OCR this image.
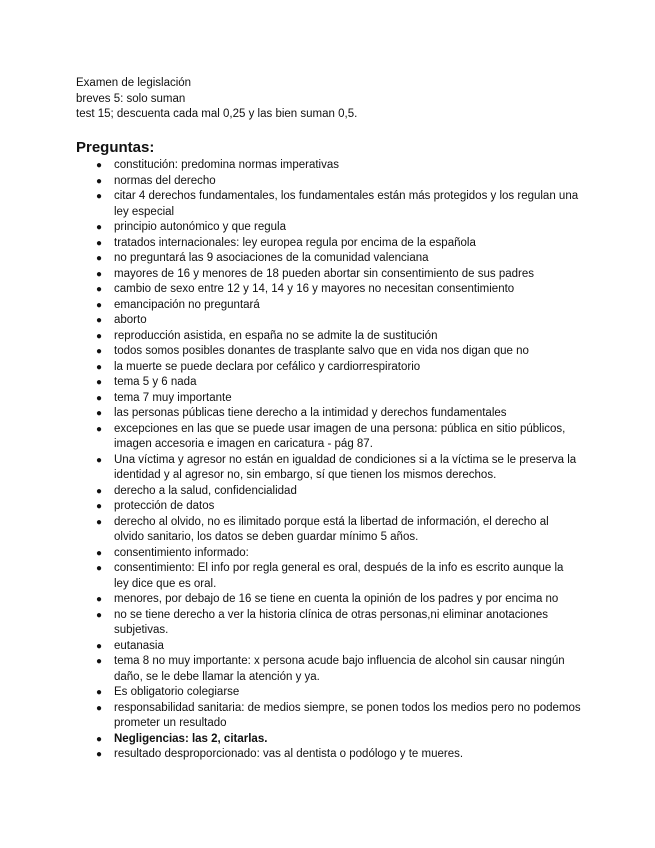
Examen de legislación
breves 5: solo suman
test 15; descuenta cada mal 0,25 y las bien suman 0,5.
Preguntas:
●	constitución: predomina normas imperativas
●	normas del derecho
●	citar 4 derechos fundamentales, los fundamentales están más protegidos y los regulan una ley especial
●	principio autonómico y que regula
●	tratados internacionales: ley europea regula por encima de la española
●	no preguntará las 9 asociaciones de la comunidad valenciana
●	mayores de 16 y menores de 18 pueden abortar sin consentimiento de sus padres
●	cambio de sexo entre 12 y 14, 14 y 16 y mayores no necesitan consentimiento
●	emancipación no preguntará
●	aborto
●	reproducción asistida, en españa no se admite la de sustitución
●	todos somos posibles donantes de trasplante salvo que en vida nos digan que no
●	la muerte se puede declara por cefálico y cardiorrespiratorio
●	tema 5 y 6 nada
●	tema 7 muy importante
●	las personas públicas tiene derecho a la intimidad y derechos fundamentales
●	excepciones en las que se puede usar imagen de una persona: pública en sitio públicos, imagen accesoria e imagen en caricatura - pág 87.
●	Una víctima y agresor no están en igualdad de condiciones si a la víctima se le preserva la identidad y al agresor no, sin embargo, sí que tienen los mismos derechos.
●	derecho a la salud, confidencialidad
●	protección de datos
●	derecho al olvido, no es ilimitado porque está la libertad de información, el derecho al olvido sanitario, los datos se deben guardar mínimo 5 años.
●	consentimiento informado:
●	consentimiento: El info por regla general es oral, después de la info es escrito aunque la ley dice que es oral.
●	menores, por debajo de 16 se tiene en cuenta la opinión de los padres y por encima no
●	no se tiene derecho a ver la historia clínica de otras personas,ni eliminar anotaciones subjetivas.
●	eutanasia
●	tema 8 no muy importante: x persona acude bajo influencia de alcohol sin causar ningún daño, se le debe llamar la atención y ya.
●	Es obligatorio colegiarse
●	responsabilidad sanitaria: de medios siempre, se ponen todos los medios pero no podemos prometer un resultado
●	Negligencias: las 2, citarlas.
●	resultado desproporcionado: vas al dentista o podólogo y te mueres.
